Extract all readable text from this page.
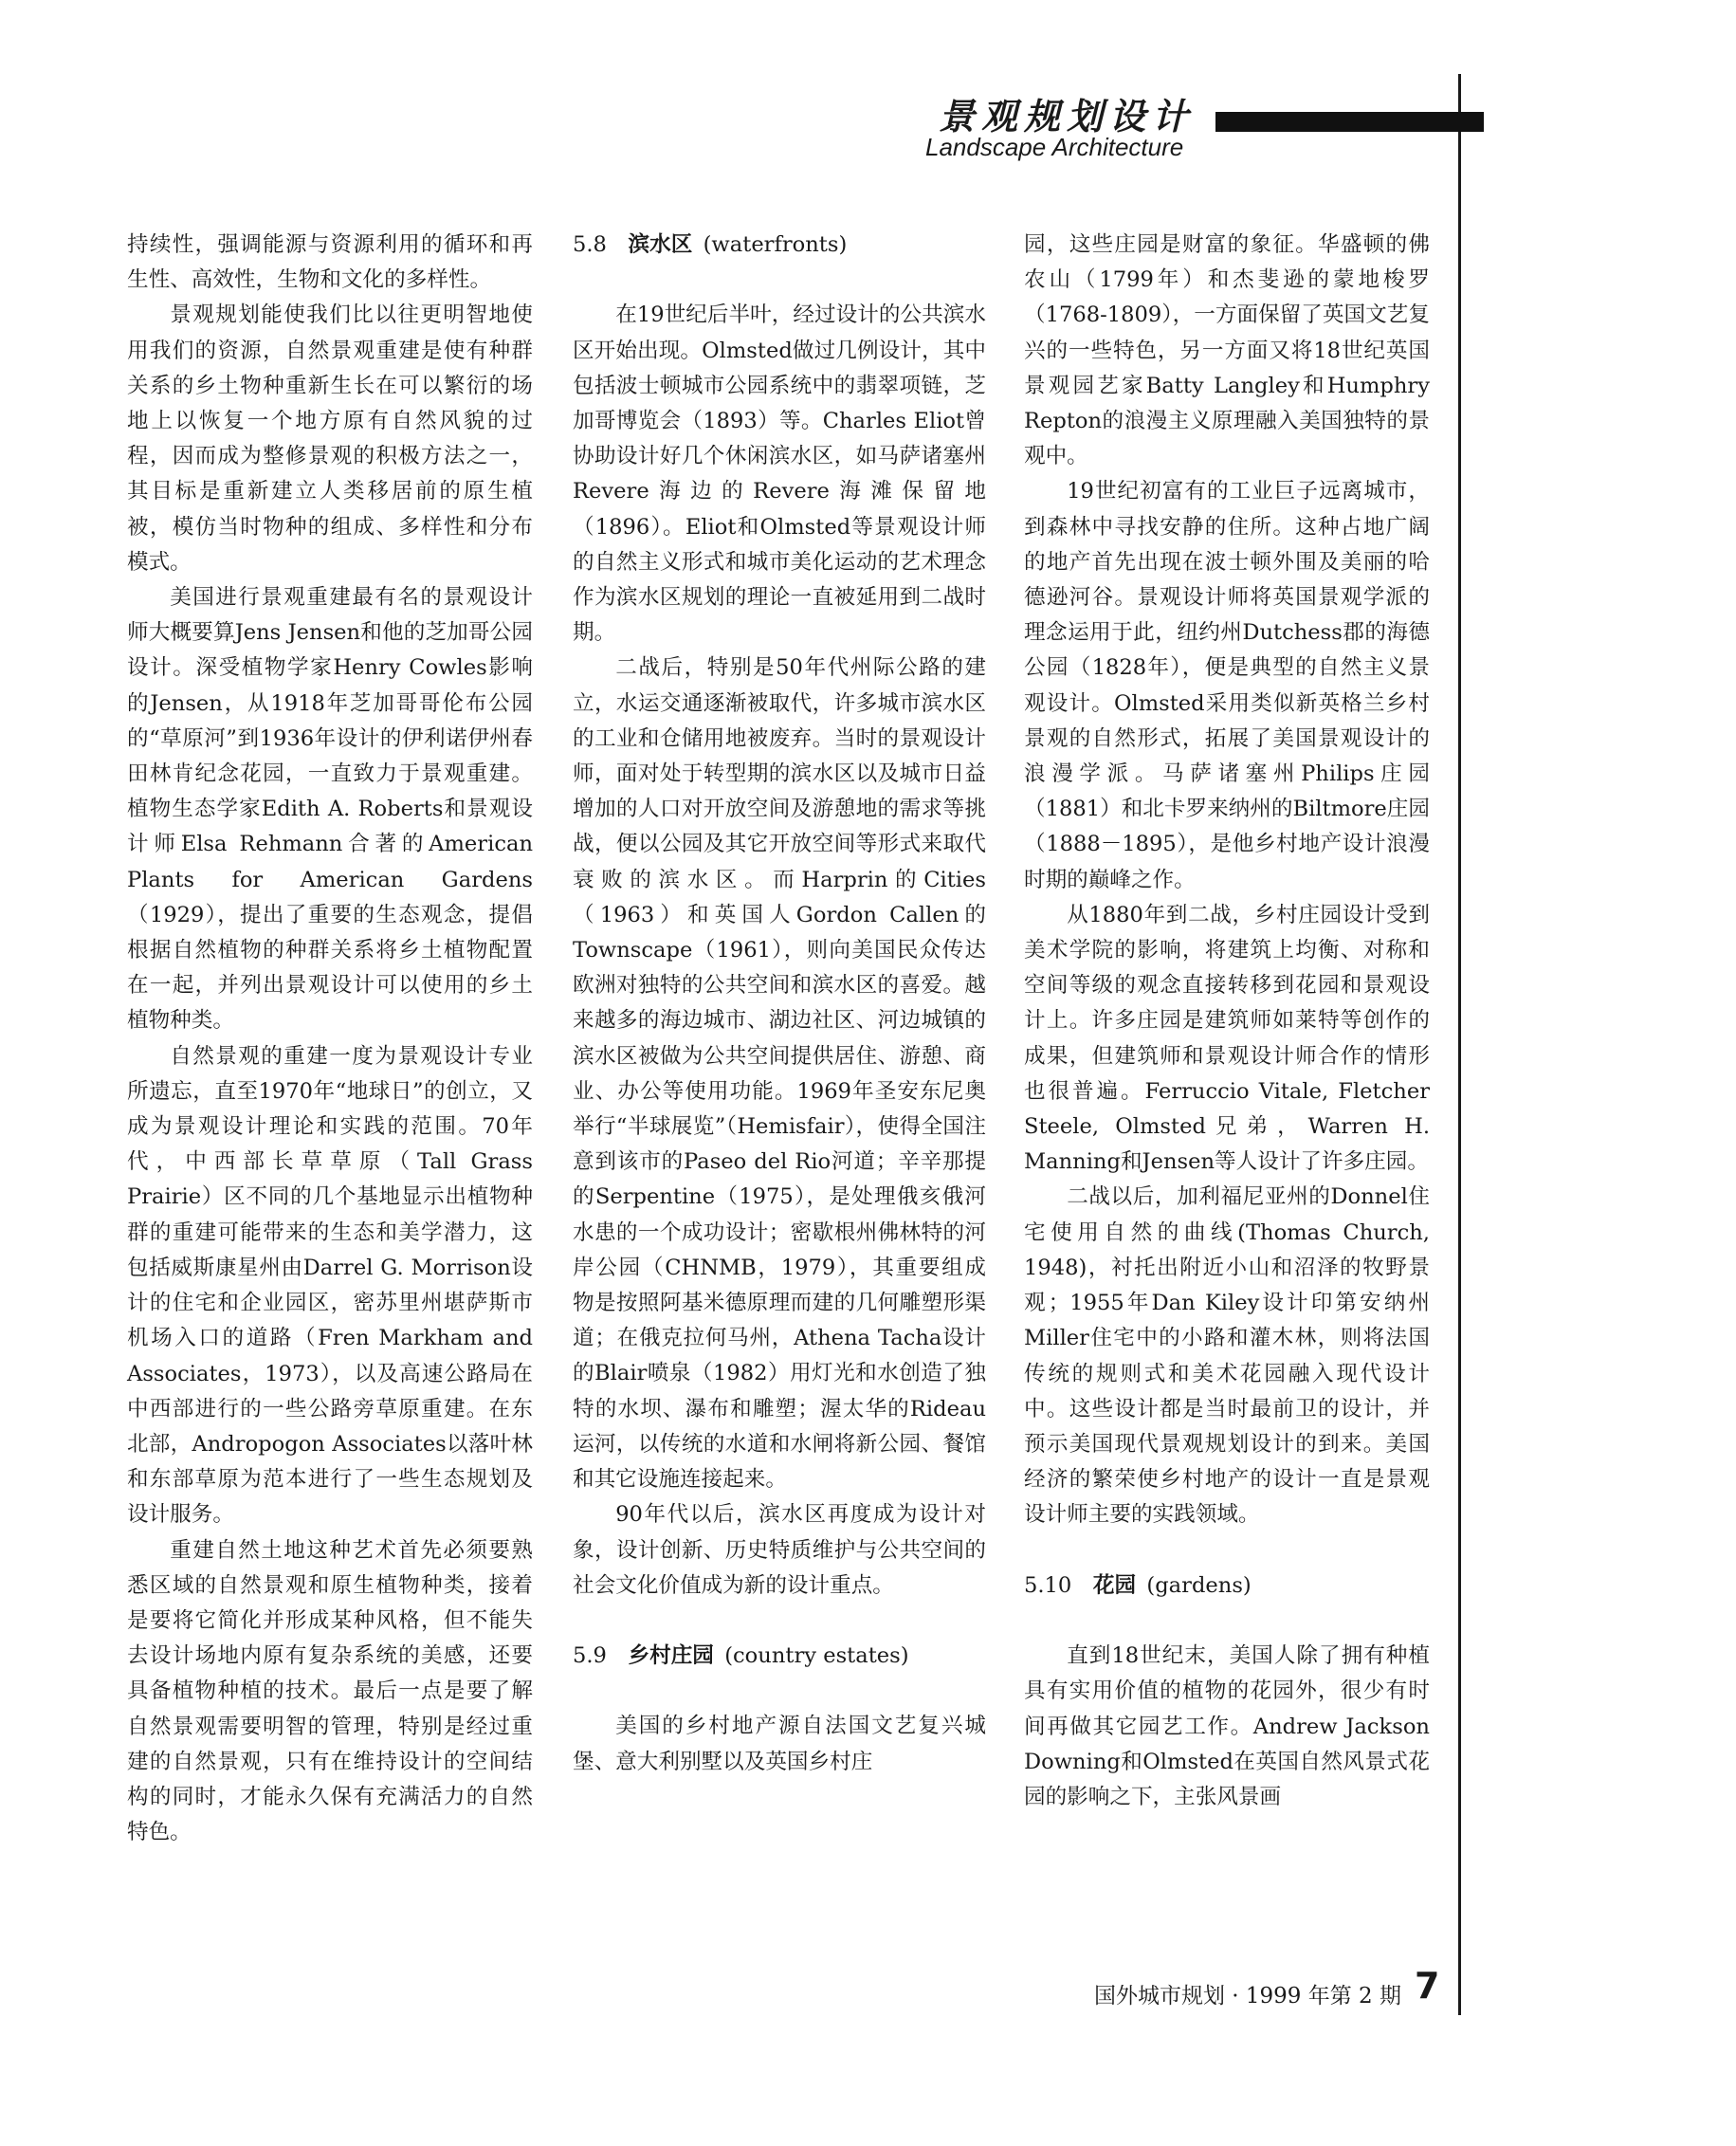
景观规划设计
Landscape Architecture

持续性，强调能源与资源利用的循环和再生性、高效性，生物和文化的多样性。

景观规划能使我们比以往更明智地使用我们的资源，自然景观重建是使有种群关系的乡土物种重新生长在可以繁衍的场地上以恢复一个地方原有自然风貌的过程，因而成为整修景观的积极方法之一，其目标是重新建立人类移居前的原生植被，模仿当时物种的组成、多样性和分布模式。

美国进行景观重建最有名的景观设计师大概要算Jens Jensen和他的芝加哥公园设计。深受植物学家Henry Cowles影响的Jensen，从1918年芝加哥哥伦布公园的“草原河”到1936年设计的伊利诺伊州春田林肯纪念花园，一直致力于景观重建。植物生态学家Edith A. Roberts和景观设计师Elsa Rehmann合著的American Plants for American Gardens（1929），提出了重要的生态观念，提倡根据自然植物的种群关系将乡土植物配置在一起，并列出景观设计可以使用的乡土植物种类。

自然景观的重建一度为景观设计专业所遗忘，直至1970年“地球日”的创立，又成为景观设计理论和实践的范围。70年代，中西部长草草原（Tall Grass Prairie）区不同的几个基地显示出植物种群的重建可能带来的生态和美学潜力，这包括威斯康星州由Darrel G. Morrison设计的住宅和企业园区，密苏里州堪萨斯市机场入口的道路（Fren Markham and Associates，1973），以及高速公路局在中西部进行的一些公路旁草原重建。在东北部，Andropogon Associates以落叶林和东部草原为范本进行了一些生态规划及设计服务。

重建自然土地这种艺术首先必须要熟悉区域的自然景观和原生植物种类，接着是要将它简化并形成某种风格，但不能失去设计场地内原有复杂系统的美感，还要具备植物种植的技术。最后一点是要了解自然景观需要明智的管理，特别是经过重建的自然景观，只有在维持设计的空间结构的同时，才能永久保有充满活力的自然特色。

5.8  滨水区  (waterfronts)

在19世纪后半叶，经过设计的公共滨水区开始出现。Olmsted做过几例设计，其中包括波士顿城市公园系统中的翡翠项链，芝加哥博览会（1893）等。Charles Eliot曾协助设计好几个休闲滨水区，如马萨诸塞州Revere海边的Revere海滩保留地（1896）。Eliot和Olmsted等景观设计师的自然主义形式和城市美化运动的艺术理念作为滨水区规划的理论一直被延用到二战时期。

二战后，特别是50年代州际公路的建立，水运交通逐渐被取代，许多城市滨水区的工业和仓储用地被废弃。当时的景观设计师，面对处于转型期的滨水区以及城市日益增加的人口对开放空间及游憩地的需求等挑战，便以公园及其它开放空间等形式来取代衰败的滨水区。而Harprin的Cities（1963）和英国人Gordon Callen的Townscape（1961），则向美国民众传达欧洲对独特的公共空间和滨水区的喜爱。越来越多的海边城市、湖边社区、河边城镇的滨水区被做为公共空间提供居住、游憩、商业、办公等使用功能。1969年圣安东尼奥举行“半球展览”（Hemisfair），使得全国注意到该市的Paseo del Rio河道；辛辛那提的Serpentine（1975），是处理俄亥俄河水患的一个成功设计；密歇根州佛林特的河岸公园（CHNMB，1979），其重要组成物是按照阿基米德原理而建的几何雕塑形渠道；在俄克拉何马州，Athena Tacha设计的Blair喷泉（1982）用灯光和水创造了独特的水坝、瀑布和雕塑；渥太华的Rideau运河，以传统的水道和水闸将新公园、餐馆和其它设施连接起来。

90年代以后，滨水区再度成为设计对象，设计创新、历史特质维护与公共空间的社会文化价值成为新的设计重点。

5.9  乡村庄园  (country estates)

美国的乡村地产源自法国文艺复兴城堡、意大利别墅以及英国乡村庄

园，这些庄园是财富的象征。华盛顿的佛农山（1799年）和杰斐逊的蒙地梭罗（1768-1809），一方面保留了英国文艺复兴的一些特色，另一方面又将18世纪英国景观园艺家Batty Langley和Humphry Repton的浪漫主义原理融入美国独特的景观中。

19世纪初富有的工业巨子远离城市，到森林中寻找安静的住所。这种占地广阔的地产首先出现在波士顿外围及美丽的哈德逊河谷。景观设计师将英国景观学派的理念运用于此，纽约州Dutchess郡的海德公园（1828年），便是典型的自然主义景观设计。Olmsted采用类似新英格兰乡村景观的自然形式，拓展了美国景观设计的浪漫学派。马萨诸塞州Philips庄园（1881）和北卡罗来纳州的Biltmore庄园（1888－1895），是他乡村地产设计浪漫时期的巅峰之作。

从1880年到二战，乡村庄园设计受到美术学院的影响，将建筑上均衡、对称和空间等级的观念直接转移到花园和景观设计上。许多庄园是建筑师如莱特等创作的成果，但建筑师和景观设计师合作的情形也很普遍。Ferruccio Vitale, Fletcher Steele, Olmsted兄弟，Warren H. Manning和Jensen等人设计了许多庄园。

二战以后，加利福尼亚州的Donnel住宅使用自然的曲线(Thomas Church, 1948)，衬托出附近小山和沼泽的牧野景观；1955年Dan Kiley设计印第安纳州Miller住宅中的小路和灌木林，则将法国传统的规则式和美术花园融入现代设计中。这些设计都是当时最前卫的设计，并预示美国现代景观规划设计的到来。美国经济的繁荣使乡村地产的设计一直是景观设计师主要的实践领域。

5.10  花园  (gardens)

直到18世纪末，美国人除了拥有种植具有实用价值的植物的花园外，很少有时间再做其它园艺工作。Andrew Jackson Downing和Olmsted在英国自然风景式花园的影响之下，主张风景画

国外城市规划 · 1999 年第 2 期 7
